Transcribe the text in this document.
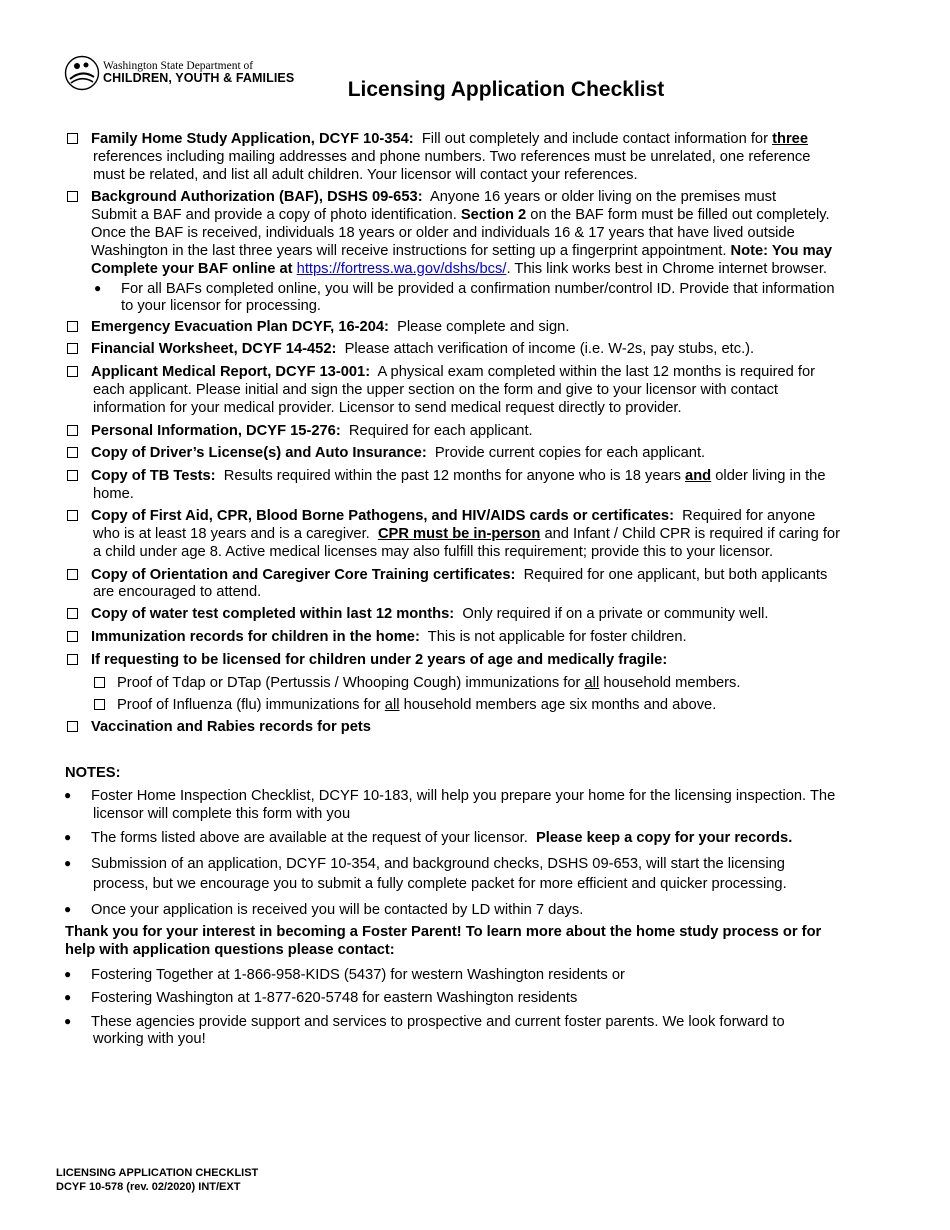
Washington State Department of
CHILDREN, YOUTH & FAMILIES	Licensing Application Checklist
Family Home Study Application, DCYF 10-354: Fill out completely and include contact information for three
references including mailing addresses and phone numbers. Two references must be unrelated, one reference
must be related, and list all adult children. Your licensor will contact your references.
Background Authorization (BAF), DSHS 09-653: Anyone 16 years or older living on the premises must
Submit a BAF and provide a copy of photo identification. Section 2 on the BAF form must be filled out completely.
Once the BAF is received, individuals 18 years or older and individuals 16 & 17 years that have lived outside
Washington in the last three years will receive instructions for setting up a fingerprint appointment. Note: You may
Complete your BAF online at https://fortress.wa.gov/dshs/bcs/. This link works best in Chrome internet browser.
● For all BAFs completed online, you will be provided a confirmation number/control ID. Provide that information
to your licensor for processing.
Emergency Evacuation Plan DCYF, 16-204: Please complete and sign.
Financial Worksheet, DCYF 14-452: Please attach verification of income (i.e. W-2s, pay stubs, etc.).
Applicant Medical Report, DCYF 13-001: A physical exam completed within the last 12 months is required for
each applicant. Please initial and sign the upper section on the form and give to your licensor with contact
information for your medical provider. Licensor to send medical request directly to provider.
Personal Information, DCYF 15-276: Required for each applicant.
Copy of Driver’s License(s) and Auto Insurance: Provide current copies for each applicant.
Copy of TB Tests: Results required within the past 12 months for anyone who is 18 years and older living in the
home.
Copy of First Aid, CPR, Blood Borne Pathogens, and HIV/AIDS cards or certificates: Required for anyone
who is at least 18 years and is a caregiver. CPR must be in-person and Infant / Child CPR is required if caring for
a child under age 8. Active medical licenses may also fulfill this requirement; provide this to your licensor.
Copy of Orientation and Caregiver Core Training certificates: Required for one applicant, but both applicants
are encouraged to attend.
Copy of water test completed within last 12 months: Only required if on a private or community well.
Immunization records for children in the home: This is not applicable for foster children.
If requesting to be licensed for children under 2 years of age and medically fragile:
Proof of Tdap or DTap (Pertussis / Whooping Cough) immunizations for all household members.
Proof of Influenza (flu) immunizations for all household members age six months and above.
Vaccination and Rabies records for pets
NOTES:
● Foster Home Inspection Checklist, DCYF 10-183, will help you prepare your home for the licensing inspection. The
licensor will complete this form with you
● The forms listed above are available at the request of your licensor. Please keep a copy for your records.
● Submission of an application, DCYF 10-354, and background checks, DSHS 09-653, will start the licensing
process, but we encourage you to submit a fully complete packet for more efficient and quicker processing.
● Once your application is received you will be contacted by LD within 7 days.
Thank you for your interest in becoming a Foster Parent! To learn more about the home study process or for
help with application questions please contact:
● Fostering Together at 1-866-958-KIDS (5437) for western Washington residents or
● Fostering Washington at 1-877-620-5748 for eastern Washington residents
● These agencies provide support and services to prospective and current foster parents. We look forward to
working with you!
LICENSING APPLICATION CHECKLIST
DCYF 10-578 (rev. 02/2020) INT/EXT
